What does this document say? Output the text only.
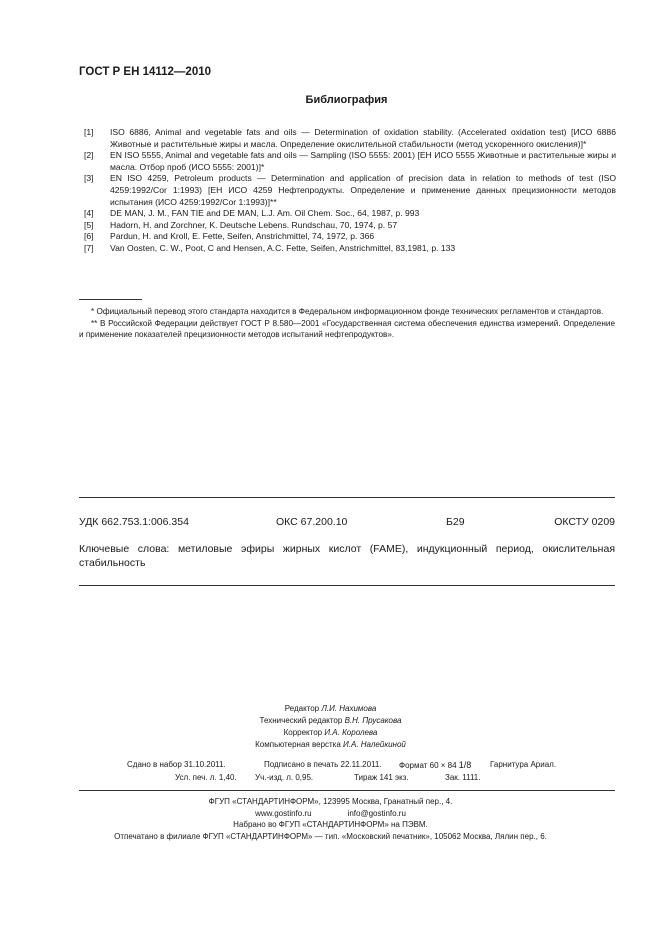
ГОСТ Р ЕН 14112—2010
Библиография
[1]	ISO 6886, Animal and vegetable fats and oils — Determination of oxidation stability. (Accelerated oxidation test) [ИСО 6886 Животные и растительные жиры и масла. Определение окислительной стабильности (метод ускоренного окисления)]*
[2]	EN ISO 5555, Animal and vegetable fats and oils — Sampling (ISO 5555: 2001) [ЕН ИСО 5555 Животные и растительные жиры и масла. Отбор проб (ИСО 5555: 2001)]*
[3]	EN ISO 4259, Petroleum products — Determination and application of precision data in relation to methods of test (ISO 4259:1992/Cor 1:1993) [ЕН ИСО 4259 Нефтепродукты. Определение и применение данных прецизионности методов испытания (ИСО 4259:1992/Cor 1:1993)]**
[4]	DE MAN, J. M., FAN TIE and DE MAN, L.J. Am. Oil Chem. Soc., 64, 1987, p. 993
[5]	Hadorn, H. and Zorchner, K. Deutsche Lebens. Rundschau, 70, 1974, p. 57
[6]	Pardun, H. and Kroll, E. Fette, Seifen, Anstrichmittel, 74, 1972, p. 366
[7]	Van Oosten, C. W., Poot, C and Hensen, A.C. Fette, Seifen, Anstrichmittel, 83,1981, p. 133

* Официальный перевод этого стандарта находится в Федеральном информационном фонде технических регламентов и стандартов.

** В Российской Федерации действует ГОСТ Р 8.580—2001 «Государственная система обеспечения единства измерений. Определение и применение показателей прецизионности методов испытаний нефтепродуктов».

УДК 662.753.1:006.354	ОКС 67.200.10	Б29	ОКСТУ 0209
Ключевые слова: метиловые эфиры жирных кислот (FAME), индукционный период, окислительная стабильность
Редактор Л.И. Нахимова
Технический редактор В.Н. Прусакова
Корректор И.А. Королева
Компьютерная верстка И.А. Налейкиной
Сдано в набор 31.10.2011.	Подписано в печать 22.11.2011. Формат 60 × 84 1/8 Гарнитура Ариал.
Усл. печ. л. 1,40. Уч.-изд. л. 0,95.	Тираж 141 экз.	Зак. 1111.
ФГУП «СТАНДАРТИНФОРМ», 123995 Москва, Гранатный пер., 4.
www.gostinfo.ru	info@gostinfo.ru
Набрано во ФГУП «СТАНДАРТИНФОРМ» на ПЭВМ.
Отпечатано в филиале ФГУП «СТАНДАРТИНФОРМ» — тип. «Московский печатник», 105062 Москва, Лялин пер., 6.
